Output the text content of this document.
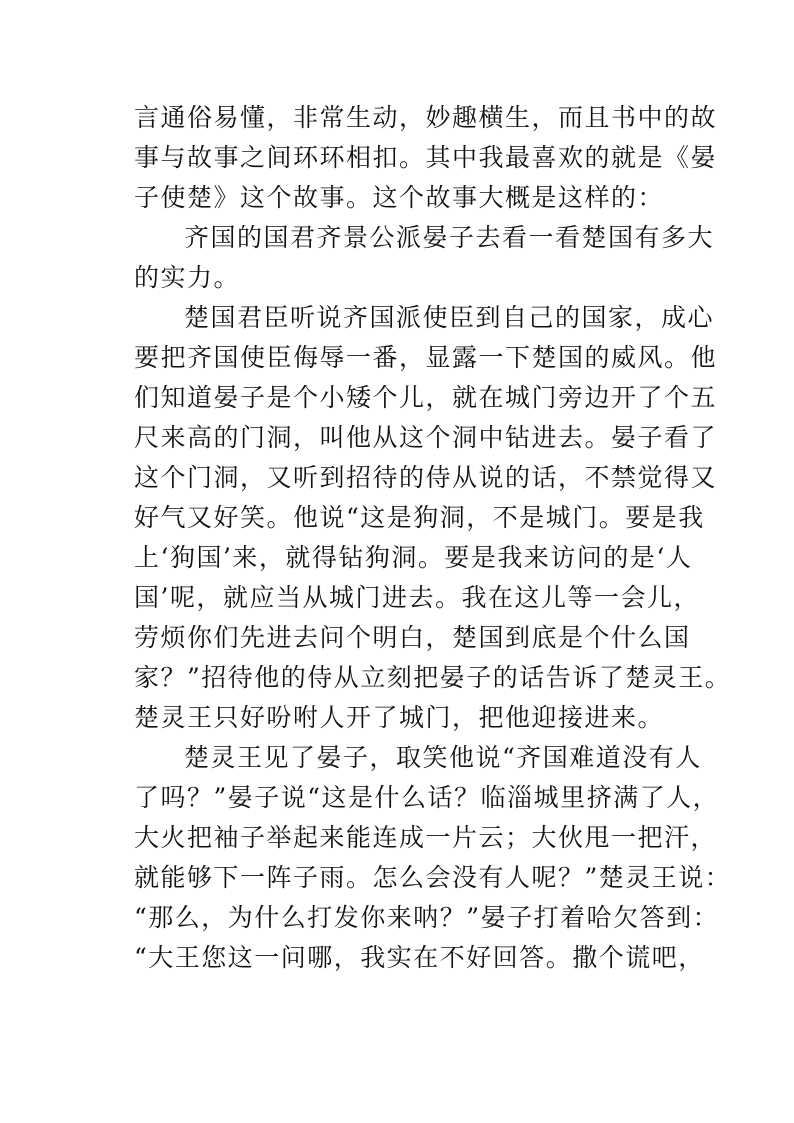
言通俗易懂，非常生动，妙趣横生，而且书中的故
事与故事之间环环相扣。其中我最喜欢的就是《晏
子使楚》这个故事。这个故事大概是这样的：
齐国的国君齐景公派晏子去看一看楚国有多大
的实力。
楚国君臣听说齐国派使臣到自己的国家，成心
要把齐国使臣侮辱一番，显露一下楚国的威风。他
们知道晏子是个小矮个儿，就在城门旁边开了个五
尺来高的门洞，叫他从这个洞中钻进去。晏子看了
这个门洞，又听到招待的侍从说的话，不禁觉得又
好气又好笑。他说“这是狗洞，不是城门。要是我
上‘狗国’来，就得钻狗洞。要是我来访问的是‘人
国’呢，就应当从城门进去。我在这儿等一会儿，
劳烦你们先进去问个明白，楚国到底是个什么国
家？”招待他的侍从立刻把晏子的话告诉了楚灵王。
楚灵王只好吩咐人开了城门，把他迎接进来。
楚灵王见了晏子，取笑他说“齐国难道没有人
了吗？”晏子说“这是什么话？临淄城里挤满了人，
大火把袖子举起来能连成一片云；大伙甩一把汗，
就能够下一阵子雨。怎么会没有人呢？”楚灵王说：
“那么，为什么打发你来呐？”晏子打着哈欠答到：
“大王您这一问哪，我实在不好回答。撒个谎吧，
